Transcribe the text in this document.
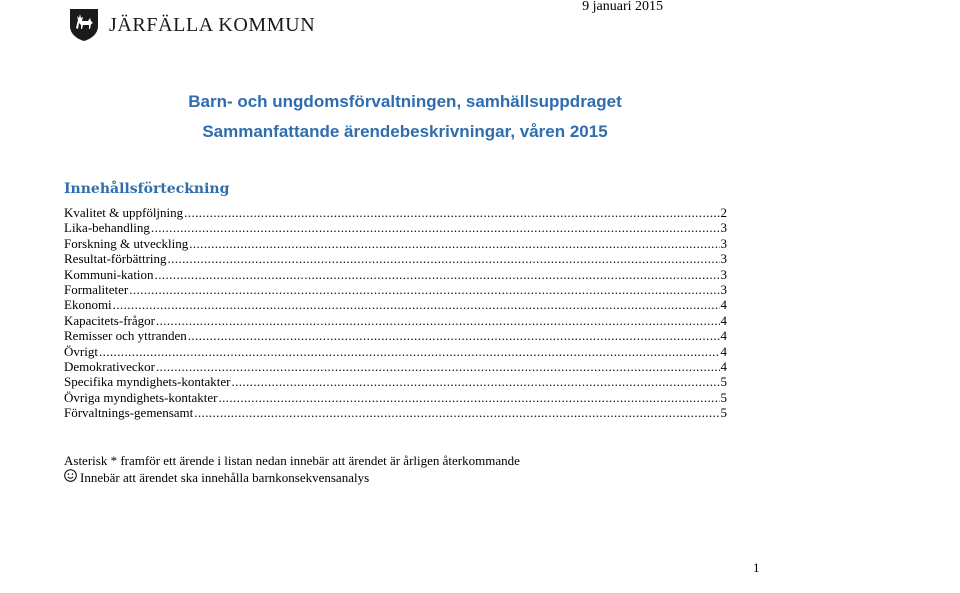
9 januari 2015
JÄRFÄLLA KOMMUN
Barn- och ungdomsförvaltningen, samhällsuppdraget
Sammanfattande ärendebeskrivningar, våren 2015
Innehållsförteckning
Kvalitet & uppföljning .....	2
Lika-behandling .....	3
Forskning & utveckling .....	3
Resultat-förbättring .....	3
Kommuni-kation .....	3
Formaliteter .....	3
Ekonomi .....	4
Kapacitets-frågor .....	4
Remisser och yttranden .....	4
Övrigt .....	4
Demokrativeckor .....	4
Specifika myndighets-kontakter .....	5
Övriga myndighets-kontakter .....	5
Förvaltnings-gemensamt .....	5
Asterisk * framför ett ärende i listan nedan innebär att ärendet är årligen återkommande
Innebär att ärendet ska innehålla barnkonsekvensanalys
1
